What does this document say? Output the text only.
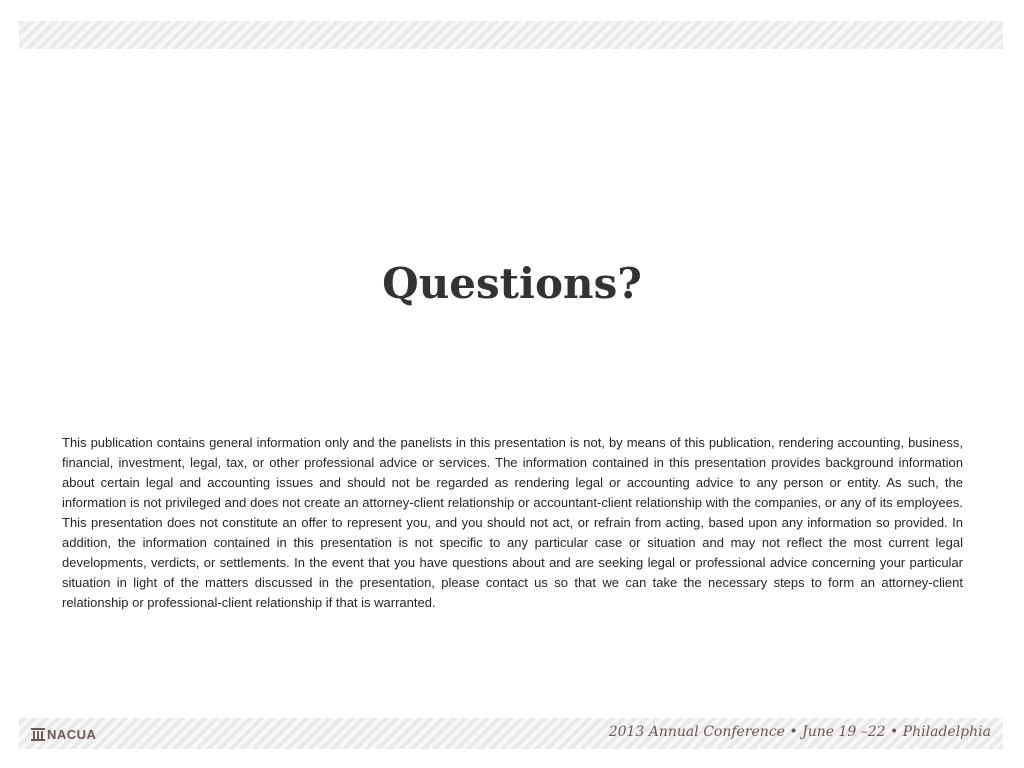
Questions?

This publication contains general information only and the panelists in this presentation is not, by means of this publication, rendering accounting, business, financial, investment, legal, tax, or other professional advice or services. The information contained in this presentation provides background information about certain legal and accounting issues and should not be regarded as rendering legal or accounting advice to any person or entity. As such, the information is not privileged and does not create an attorney-client relationship or accountant-client relationship with the companies, or any of its employees. This presentation does not constitute an offer to represent you, and you should not act, or refrain from acting, based upon any information so provided. In addition, the information contained in this presentation is not specific to any particular case or situation and may not reflect the most current legal developments, verdicts, or settlements. In the event that you have questions about and are seeking legal or professional advice concerning your particular situation in light of the matters discussed in the presentation, please contact us so that we can take the necessary steps to form an attorney-client relationship or professional-client relationship if that is warranted.

NACUA	2013 Annual Conference • June 19 –22 • Philadelphia
